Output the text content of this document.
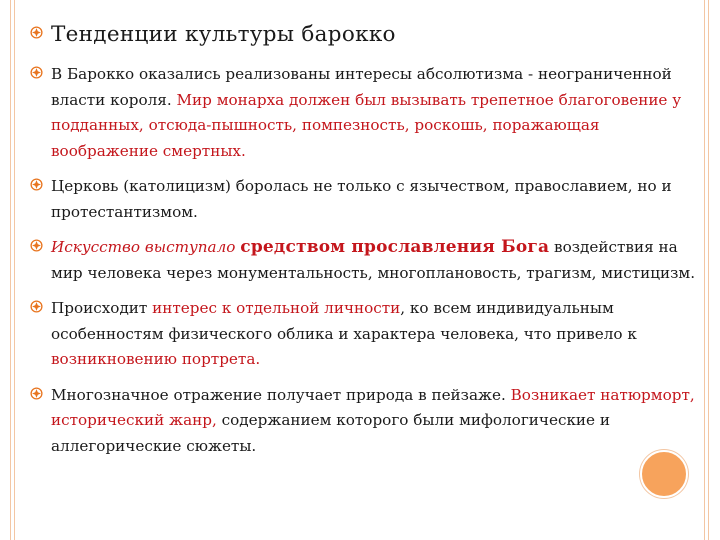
Тенденции культуры барокко
В Барокко оказались реализованы интересы абсолютизма - неограниченной власти короля. Мир монарха должен был вызывать трепетное благоговение у подданных, отсюда-пышность, помпезность, роскошь, поражающая воображение смертных.
Церковь (католицизм) боролась не только с язычеством, православием, но и протестантизмом.
Искусство выступало средством прославления Бога воздействия на мир человека через монументальность, многоплановость, трагизм, мистицизм.
Происходит интерес к отдельной личности, ко всем индивидуальным особенностям физического облика и характера человека, что привело к возникновению портрета.
Многозначное отражение получает природа в пейзаже. Возникает натюрморт, исторический жанр, содержанием которого были мифологические и аллегорические сюжеты.
